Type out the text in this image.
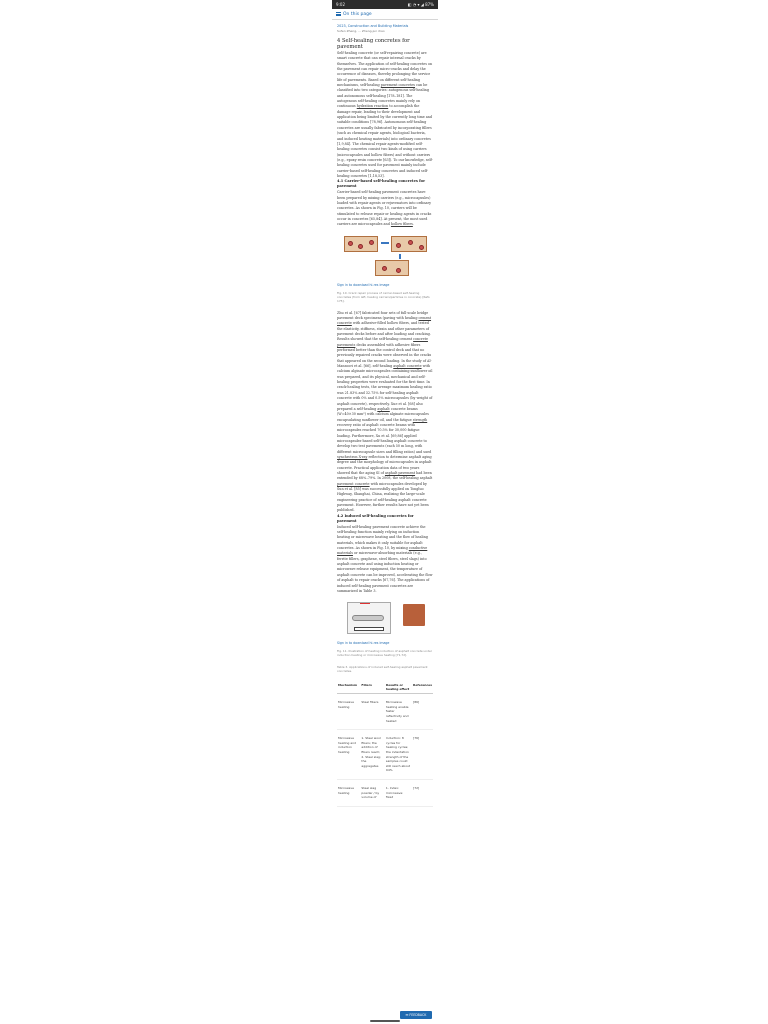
9:02	◧ ◔ ▾ ◢ 87%
On this page
2023, Construction and Building Materials
Sufen Zheng, ... Zheng-jun Xiao
4 Self-healing concretes for pavement

Self-healing concrete (or self-repairing concrete) are smart concrete that can repair internal cracks by themselves. The application of self-healing concretes on the pavement can repair micro-cracks and delay the occurrence of diseases, thereby prolonging the service life of pavements. Based on different self-healing mechanisms, self-healing pavement concretes can be classified into two categories: autogenous self-healing and autonomous self-healing [178–181]. The autogenous self-healing concretes mainly rely on continuous hydration reaction to accomplish the damage repair, leading to their development and application being limited by the currently long time and suitable conditions [78,96]. Autonomous self-healing concretes are usually fabricated by incorporating fillers (such as chemical repair agents, biological bacteria, and induced heating materials) into ordinary concretes [1,9,84]. The chemical repair agents-modified self-healing concretes consist two kinds of using carriers (microcapsules and hollow fibers) and without carriers (e.g., epoxy resin concrete [63]). To our knowledge, self-healing concretes used for pavement mainly include carrier-based self-healing concretes and induced self-healing concretes [1,18,53].

4.1 Carrier-based self-healing concretes for pavement

Carrier-based self-healing pavement concretes have been prepared by mixing carriers (e.g., microcapsules) loaded with repair agents or rejuvenators into ordinary concretes. As shown in Fig. 10, carriers will be stimulated to release repair or healing agents in cracks occur in concretes [65,84]. At present, the most used carriers are microcapsules and hollow fibers.

Sign in to download hi-res image
Fig. 10. Crack repair process of carrier-based self-healing concretes (from left, healing carriers/particles in concrete) [Refs 175].

Zhu et al. [67] fabricated four sets of full-scale bridge pavement deck specimens (paving with healing cement concrete with adhesive-filled hollow fibers, and tested the elasticity, stiffness, strain and other parameters of pavement decks before and after loading and cracking. Results showed that the self-healing cement concrete pavements decks assembled with adhesive fibers performed better than the control deck and that no previously repaired cracks were observed in the cracks that appeared on the second loading. In the study of Al-Mansoori et al. [66], self-healing asphalt concrete with calcium alginate microcapsules containing sunflower oil was prepared, and its physical, mechanical and self-healing properties were evaluated for the first time. In crack-healing tests, the average maximum healing ratio was 21.83% and 32.75% for self-healing asphalt concrete with 0% and 0.5% microcapsules (by weight of asphalt concrete), respectively. Xue et al. [68] also prepared a self-healing asphalt concrete beams (W=40×30 mm²) with calcium alginate microcapsules encapsulating sunflower oil, and the fatigue strength recovery ratio of asphalt concrete beams with microcapsules reached 70.5% for 30,000 fatigue loading. Furthermore, Xu et al. [69,86] applied microcapsules-based self-healing asphalt concrete to develop two test pavements (each 50 m long, with different microcapsule sizes and filling ratios) and used synchrotron X-ray reflection to determine asphalt aging degree and the morphology of microcapsules in asphalt concrete. Practical application data of two years showed that the aging SI of asphalt pavement had been extended by 68%–79%. In 2008, the self-healing asphalt pavement concrete with microcapsules developed by Sun et al. [85] was successfully applied on Tongluo Highway, Shanghai, China, realizing the large-scale engineering practice of self-healing asphalt concrete pavement. However, further results have not yet been published.

4.2 Induced self-healing concretes for pavement

Induced self-healing pavement concrete achieve the self-healing function mainly relying on induction heating or microwave heating and the flow of healing materials, which makes it only suitable for asphalt concretes. As shown in Fig. 10, by mixing conductive materials or microwave-absorbing materials (e.g., ferrite fillers, graphene, steel fibers, steel slags) into asphalt concrete and using induction heating or microwave release equipment, the temperature of asphalt concrete can be improved, accelerating the flow of asphalt to repair cracks [67,76]. The applications of induced self-healing pavement concretes are summarized in Table 3.

Sign in to download hi-res image
Fig. 11. Illustration of heating induction of asphalt concrete under induction heating or microwave heating [71,72].
Table 3. Applications of induced self-healing asphalt pavement concretes.
Mechanism	Fillers	Results or healing effect	References
Microwave heating	Steel fibers	Microwave heating enable faster reflectivity and heated	[86]
Microwave heating and induction heating	1. Steel wool fibers; the addition of fibers reach; 2. Steel slag; the aggregates	Induction: 8 cycles for healing cycles; the indentation strength of the samples could still reach about 94%	[76]
Microwave heating	Steel slag powder / by volume of	1. Index: microwave: fixed	[72]
✉ FEEDBACK
